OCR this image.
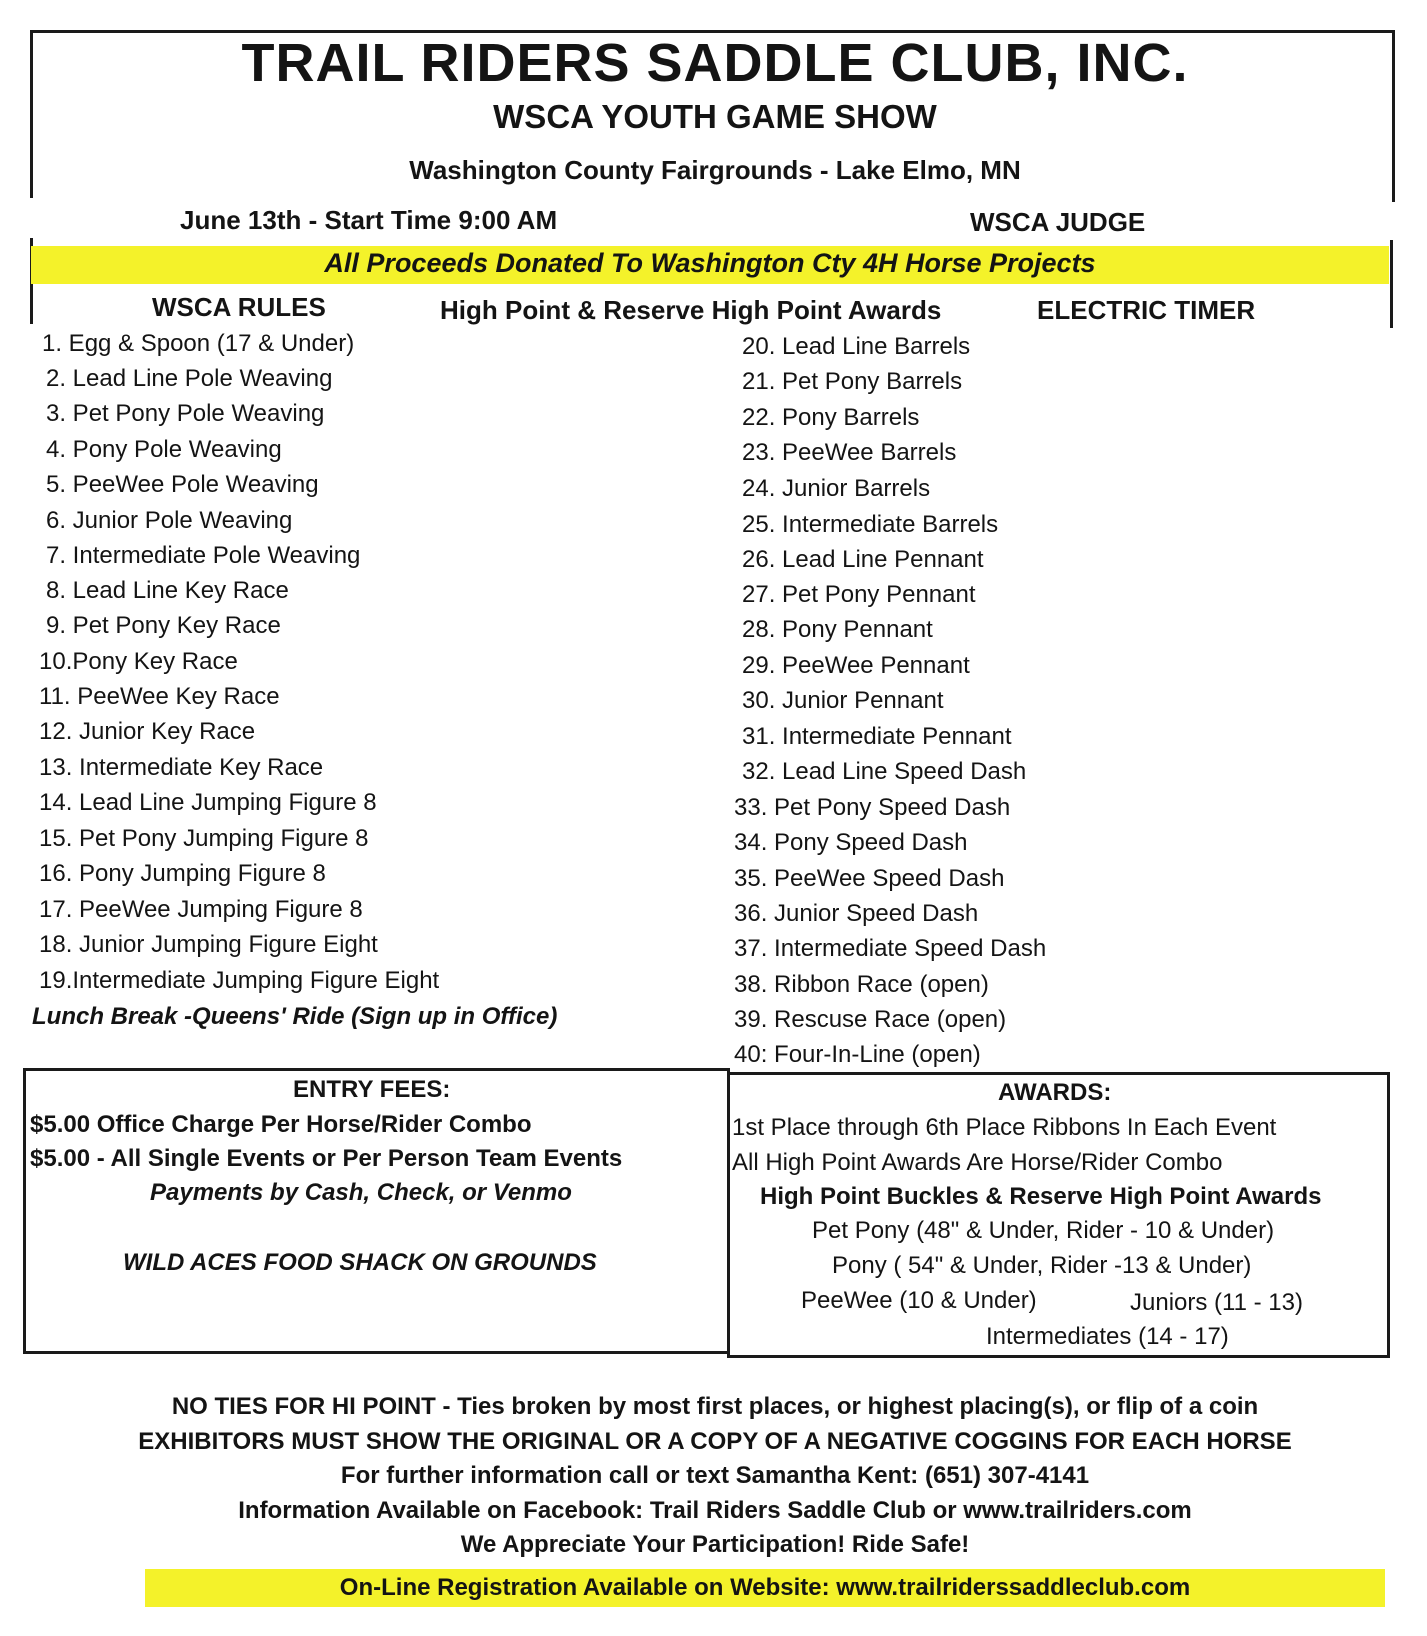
TRAIL RIDERS SADDLE CLUB, INC.
WSCA YOUTH GAME SHOW
Washington County Fairgrounds - Lake Elmo, MN
June 13th - Start Time 9:00 AM	WSCA JUDGE
All Proceeds Donated To Washington Cty 4H Horse Projects
WSCA RULES	High Point & Reserve High Point Awards	ELECTRIC TIMER
1. Egg & Spoon (17 & Under)
2. Lead Line Pole Weaving
3. Pet Pony Pole Weaving
4. Pony Pole Weaving
5. PeeWee Pole Weaving
6. Junior Pole Weaving
7. Intermediate Pole Weaving
8. Lead Line Key Race
9. Pet Pony Key Race
10.Pony Key Race
11. PeeWee Key Race
12. Junior Key Race
13. Intermediate Key Race
14. Lead Line Jumping Figure 8
15. Pet Pony Jumping Figure 8
16. Pony Jumping Figure 8
17. PeeWee Jumping Figure 8
18. Junior Jumping Figure Eight
19.Intermediate Jumping Figure Eight
Lunch Break -Queens' Ride (Sign up in Office)
20. Lead Line Barrels
21. Pet Pony Barrels
22. Pony Barrels
23. PeeWee Barrels
24. Junior Barrels
25. Intermediate Barrels
26. Lead Line Pennant
27. Pet Pony Pennant
28. Pony Pennant
29. PeeWee Pennant
30. Junior Pennant
31. Intermediate Pennant
32. Lead Line Speed Dash
33. Pet Pony Speed Dash
34. Pony Speed Dash
35. PeeWee Speed Dash
36. Junior Speed Dash
37. Intermediate Speed Dash
38. Ribbon Race (open)
39. Rescuse Race (open)
40: Four-In-Line (open)
ENTRY FEES:
$5.00 Office Charge Per Horse/Rider Combo
$5.00 - All Single Events or Per Person Team Events
Payments by Cash, Check, or Venmo
WILD ACES FOOD SHACK ON GROUNDS
AWARDS:
1st Place through 6th Place Ribbons In Each Event
All High Point Awards Are Horse/Rider Combo
High Point Buckles & Reserve High Point Awards
Pet Pony (48" & Under, Rider - 10 & Under)
Pony ( 54" & Under, Rider -13 & Under)
PeeWee (10 & Under)	Juniors (11 - 13)
Intermediates (14 - 17)
NO TIES FOR HI POINT - Ties broken by most first places, or highest placing(s), or flip of a coin
EXHIBITORS MUST SHOW THE ORIGINAL OR A COPY OF A NEGATIVE COGGINS FOR EACH HORSE
For further information call or text Samantha Kent: (651) 307-4141
Information Available on Facebook: Trail Riders Saddle Club or www.trailriders.com
We Appreciate Your Participation! Ride Safe!
On-Line Registration Available on Website: www.trailriderssaddleclub.com
